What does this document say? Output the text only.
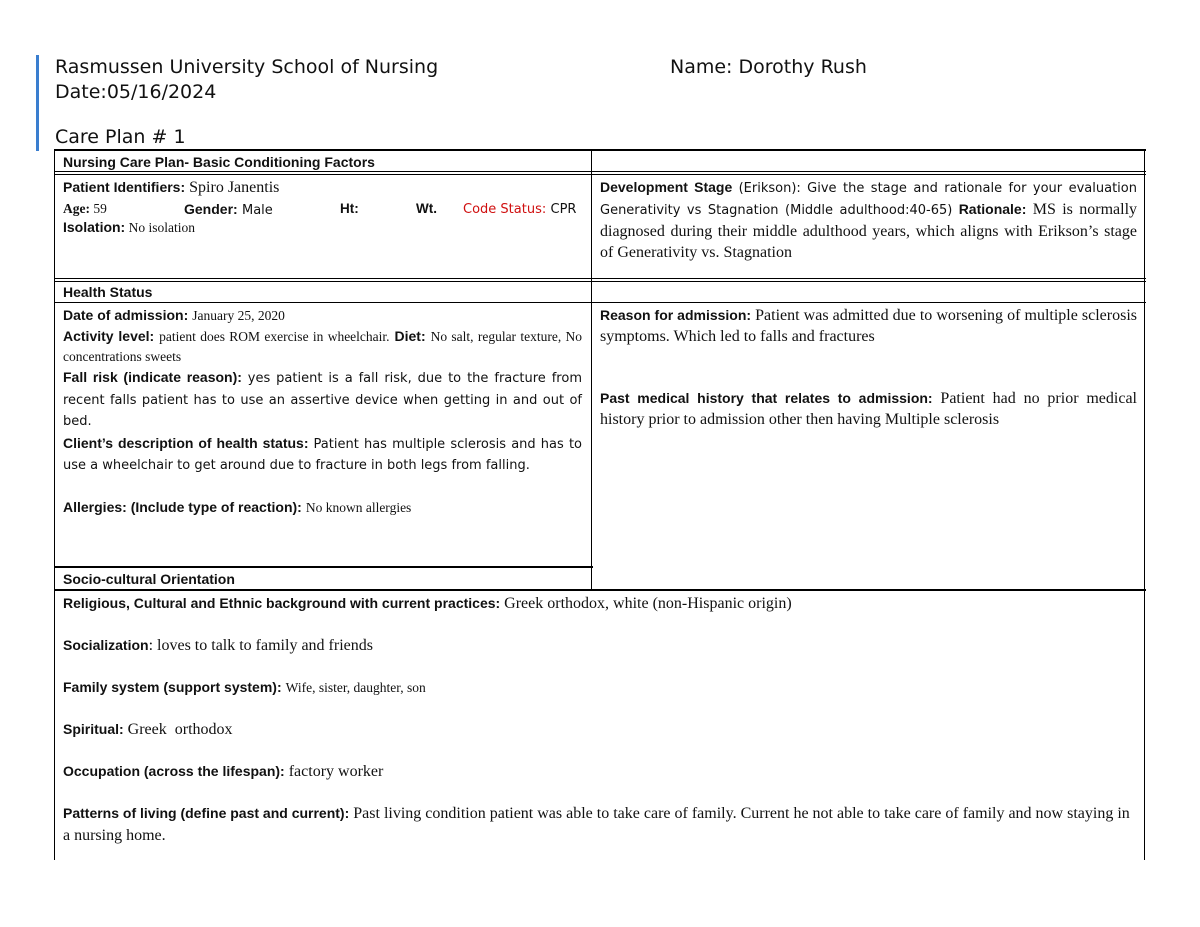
Rasmussen University School of Nursing	Name: Dorothy Rush
Date:05/16/2024
Care Plan # 1
Nursing Care Plan- Basic Conditioning Factors

Patient Identifiers: Spiro Janentis

Age: 59	Gender: Male	Ht:	Wt. Code Status: CPR

Isolation: No isolation

Development Stage (Erikson): Give the stage and rationale for your evaluation Generativity vs Stagnation (Middle adulthood:40-65) Rationale: MS is normally diagnosed during their middle adulthood years, which aligns with Erikson’s stage of Generativity vs. Stagnation
Health Status

Date of admission: January 25, 2020

Activity level: patient does ROM exercise in wheelchair. Diet: No salt, regular texture, No concentrations sweets

Fall risk (indicate reason): yes patient is a fall risk, due to the fracture from recent falls patient has to use an assertive device when getting in and out of bed.

Client’s description of health status: Patient has multiple sclerosis and has to use a wheelchair to get around due to fracture in both legs from falling.

Allergies: (Include type of reaction): No known allergies

Reason for admission: Patient was admitted due to worsening of multiple sclerosis symptoms. Which led to falls and fractures

Past medical history that relates to admission: Patient had no prior medical history prior to admission other then having Multiple sclerosis

Socio-cultural Orientation

Religious, Cultural and Ethnic background with current practices: Greek orthodox, white (non-Hispanic origin)

Socialization: loves to talk to family and friends

Family system (support system): Wife, sister, daughter, son

Spiritual: Greek  orthodox

Occupation (across the lifespan): factory worker

Patterns of living (define past and current): Past living condition patient was able to take care of family. Current he not able to take care of family and now staying in a nursing home.
